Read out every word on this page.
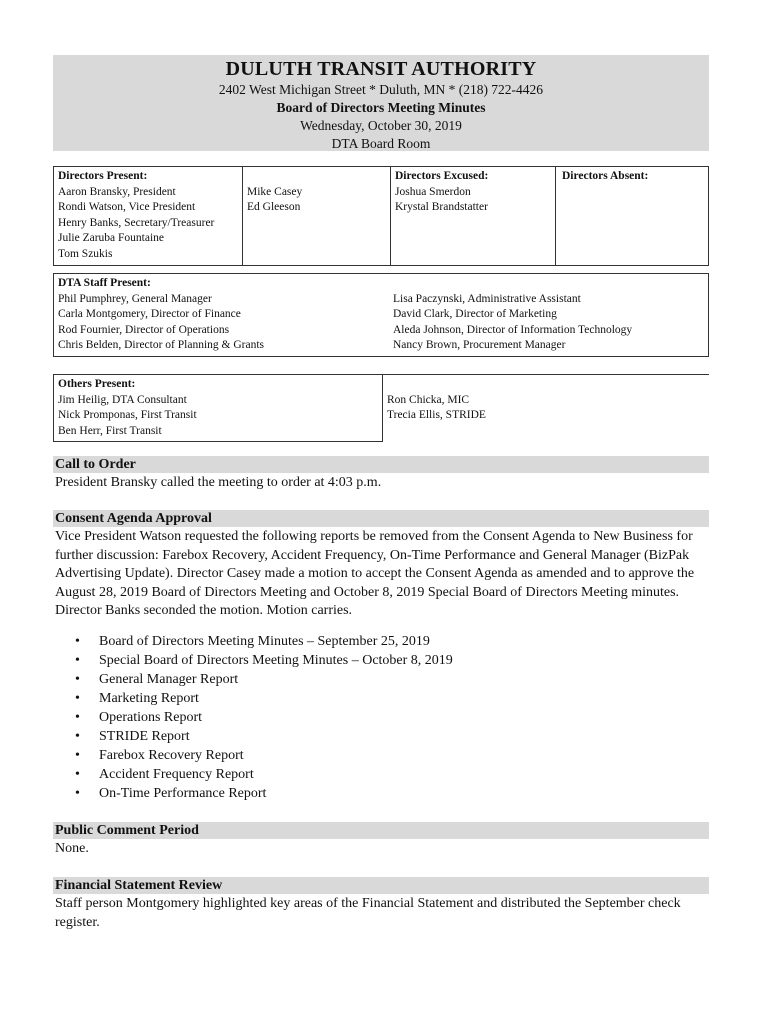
DULUTH TRANSIT AUTHORITY
2402 West Michigan Street * Duluth, MN * (218) 722-4426
Board of Directors Meeting Minutes
Wednesday, October 30, 2019
DTA Board Room
Directors Present:
Aaron Bransky, President
Rondi Watson, Vice President
Henry Banks, Secretary/Treasurer
Julie Zaruba Fountaine
Tom Szukis

Mike Casey
Ed Gleeson

Directors Excused:
Joshua Smerdon
Krystal Brandstatter

Directors Absent:
DTA Staff Present:
Phil Pumphrey, General Manager
Carla Montgomery, Director of Finance
Rod Fournier, Director of Operations
Chris Belden, Director of Planning & Grants

Lisa Paczynski, Administrative Assistant
David Clark, Director of Marketing
Aleda Johnson, Director of Information Technology
Nancy Brown, Procurement Manager
Others Present:
Jim Heilig, DTA Consultant
Nick Promponas, First Transit
Ben Herr, First Transit

Ron Chicka, MIC
Trecia Ellis, STRIDE
Call to Order
President Bransky called the meeting to order at 4:03 p.m.
Consent Agenda Approval
Vice President Watson requested the following reports be removed from the Consent Agenda to New Business for further discussion: Farebox Recovery, Accident Frequency, On-Time Performance and General Manager (BizPak Advertising Update). Director Casey made a motion to accept the Consent Agenda as amended and to approve the August 28, 2019 Board of Directors Meeting and October 8, 2019 Special Board of Directors Meeting minutes. Director Banks seconded the motion. Motion carries.
• Board of Directors Meeting Minutes – September 25, 2019
• Special Board of Directors Meeting Minutes – October 8, 2019
• General Manager Report
• Marketing Report
• Operations Report
• STRIDE Report
• Farebox Recovery Report
• Accident Frequency Report
• On-Time Performance Report
Public Comment Period
None.
Financial Statement Review
Staff person Montgomery highlighted key areas of the Financial Statement and distributed the September check register.
